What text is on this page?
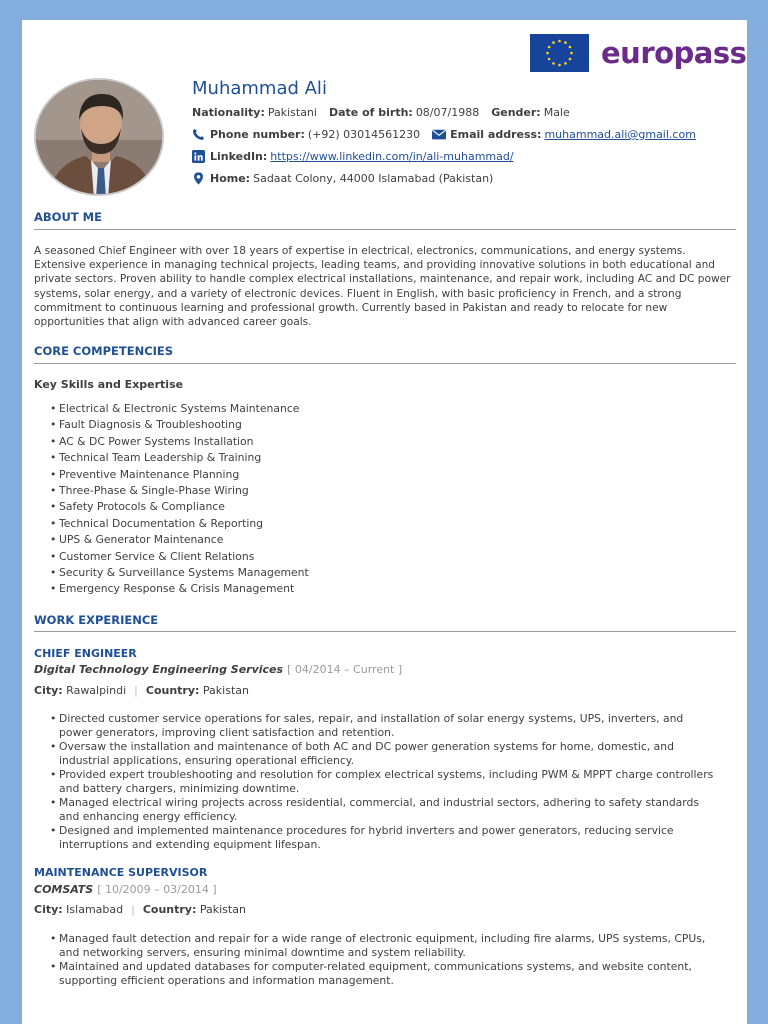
europass
Muhammad Ali
Nationality: Pakistani Date of birth: 08/07/1988 Gender: Male
Phone number: (+92) 03014561230	Email address: muhammad.ali@gmail.com
LinkedIn: https://www.linkedin.com/in/ali-muhammad/
Home: Sadaat Colony, 44000 Islamabad (Pakistan)
ABOUT ME
A seasoned Chief Engineer with over 18 years of expertise in electrical, electronics, communications, and energy systems. Extensive experience in managing technical projects, leading teams, and providing innovative solutions in both educational and private sectors. Proven ability to handle complex electrical installations, maintenance, and repair work, including AC and DC power systems, solar energy, and a variety of electronic devices. Fluent in English, with basic proficiency in French, and a strong commitment to continuous learning and professional growth. Currently based in Pakistan and ready to relocate for new opportunities that align with advanced career goals.
CORE COMPETENCIES
Key Skills and Expertise
• Electrical & Electronic Systems Maintenance
• Fault Diagnosis & Troubleshooting
• AC & DC Power Systems Installation
• Technical Team Leadership & Training
• Preventive Maintenance Planning
• Three-Phase & Single-Phase Wiring
• Safety Protocols & Compliance
• Technical Documentation & Reporting
• UPS & Generator Maintenance
• Customer Service & Client Relations
• Security & Surveillance Systems Management
• Emergency Response & Crisis Management
WORK EXPERIENCE
CHIEF ENGINEER
Digital Technology Engineering Services [ 04/2014 – Current ]
City: Rawalpindi | Country: Pakistan
• Directed customer service operations for sales, repair, and installation of solar energy systems, UPS, inverters, and power generators, improving client satisfaction and retention.
• Oversaw the installation and maintenance of both AC and DC power generation systems for home, domestic, and industrial applications, ensuring operational efficiency.
• Provided expert troubleshooting and resolution for complex electrical systems, including PWM & MPPT charge controllers and battery chargers, minimizing downtime.
• Managed electrical wiring projects across residential, commercial, and industrial sectors, adhering to safety standards and enhancing energy efficiency.
• Designed and implemented maintenance procedures for hybrid inverters and power generators, reducing service interruptions and extending equipment lifespan.
MAINTENANCE SUPERVISOR
COMSATS [ 10/2009 – 03/2014 ]
City: Islamabad | Country: Pakistan
• Managed fault detection and repair for a wide range of electronic equipment, including fire alarms, UPS systems, CPUs, and networking servers, ensuring minimal downtime and system reliability.
• Maintained and updated databases for computer-related equipment, communications systems, and website content, supporting efficient operations and information management.
